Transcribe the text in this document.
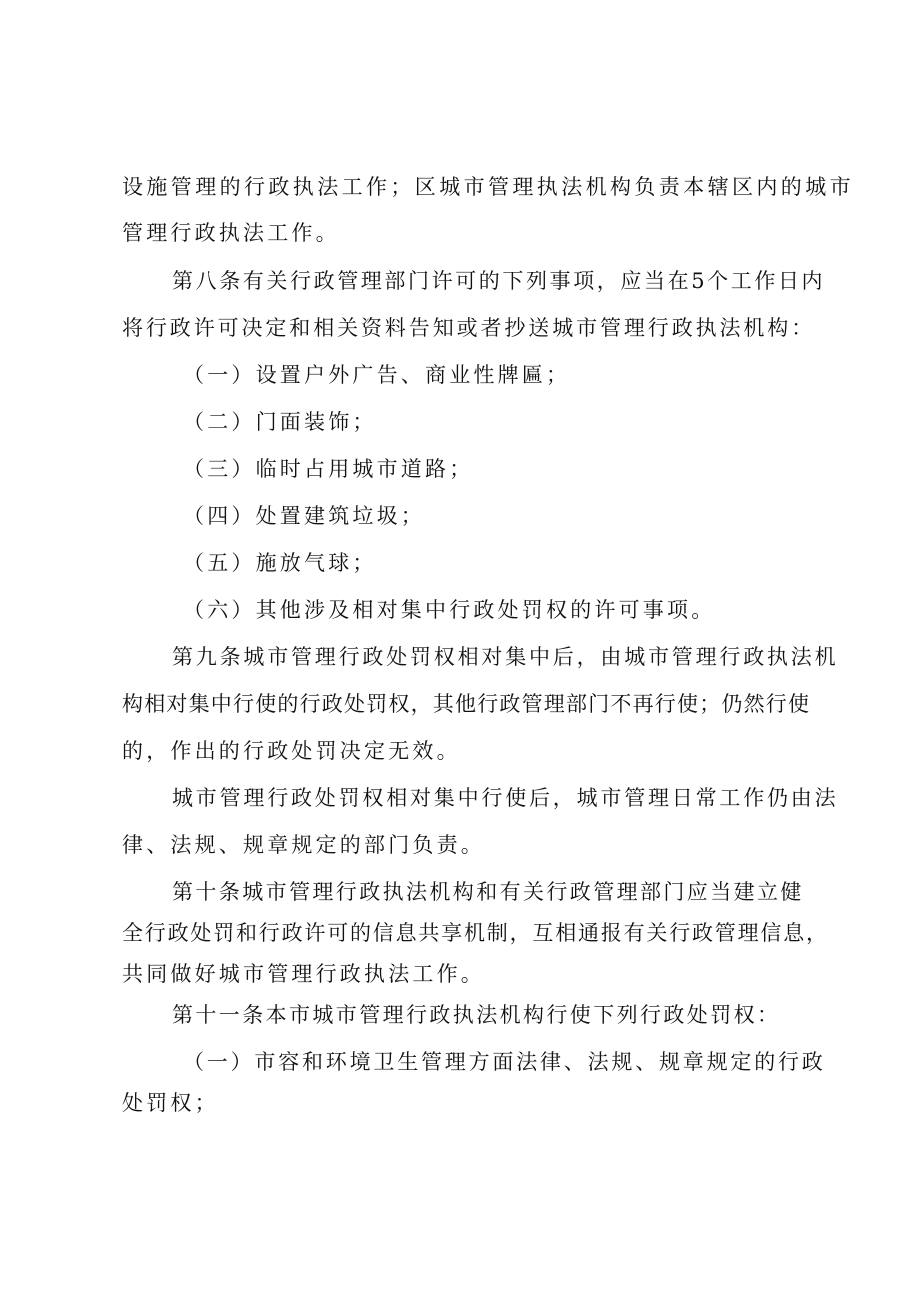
设施管理的行政执法工作；区城市管理执法机构负责本辖区内的城市
管理行政执法工作。
第八条有关行政管理部门许可的下列事项，应当在5个工作日内
将行政许可决定和相关资料告知或者抄送城市管理行政执法机构：
（一）设置户外广告、商业性牌匾；
（二）门面装饰；
（三）临时占用城市道路；
（四）处置建筑垃圾；
（五）施放气球；
（六）其他涉及相对集中行政处罚权的许可事项。
第九条城市管理行政处罚权相对集中后，由城市管理行政执法机
构相对集中行使的行政处罚权，其他行政管理部门不再行使；仍然行使
的，作出的行政处罚决定无效。
城市管理行政处罚权相对集中行使后，城市管理日常工作仍由法
律、法规、规章规定的部门负责。
第十条城市管理行政执法机构和有关行政管理部门应当建立健
全行政处罚和行政许可的信息共享机制，互相通报有关行政管理信息，
共同做好城市管理行政执法工作。
第十一条本市城市管理行政执法机构行使下列行政处罚权：
（一）市容和环境卫生管理方面法律、法规、规章规定的行政
处罚权；
